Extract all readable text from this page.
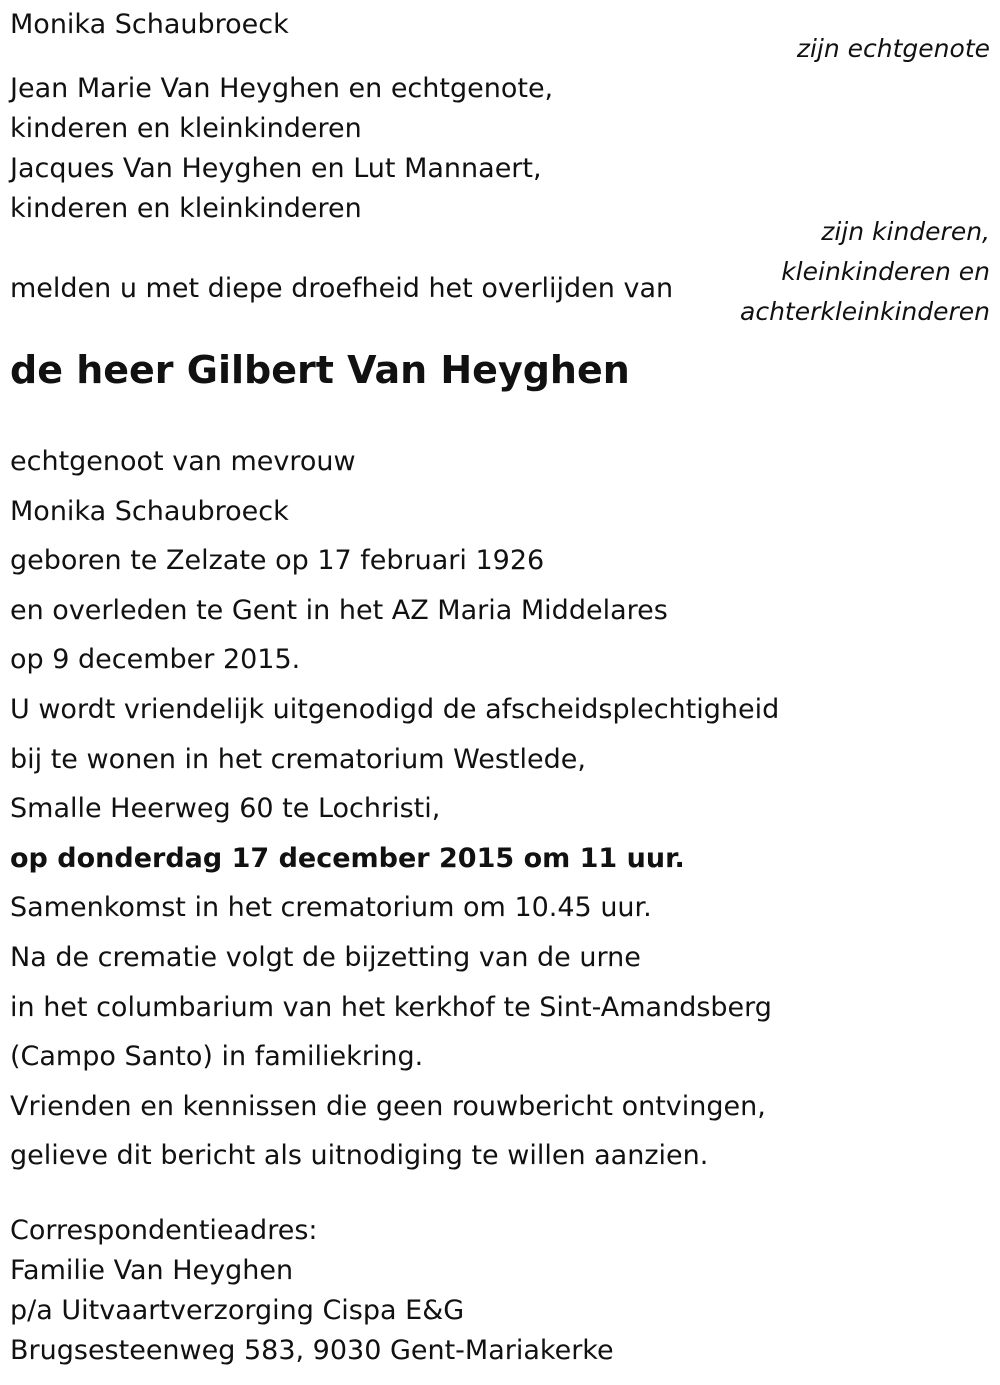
Monika Schaubroeck

zijn echtgenote

Jean Marie Van Heyghen en echtgenote,

kinderen en kleinkinderen

Jacques Van Heyghen en Lut Mannaert,

kinderen en kleinkinderen

zijn kinderen,

kleinkinderen en

achterkleinkinderen

melden u met diepe droefheid het overlijden van

de heer Gilbert Van Heyghen
echtgenoot van mevrouw
Monika Schaubroeck
geboren te Zelzate op 17 februari 1926
en overleden te Gent in het AZ Maria Middelares
op 9 december 2015.
U wordt vriendelijk uitgenodigd de afscheidsplechtigheid
bij te wonen in het crematorium Westlede,
Smalle Heerweg 60 te Lochristi,
op donderdag 17 december 2015 om 11 uur.
Samenkomst in het crematorium om 10.45 uur.
Na de crematie volgt de bijzetting van de urne
in het columbarium van het kerkhof te Sint-Amandsberg
(Campo Santo) in familiekring.
Vrienden en kennissen die geen rouwbericht ontvingen,
gelieve dit bericht als uitnodiging te willen aanzien.
Correspondentieadres:
Familie Van Heyghen
p/a Uitvaartverzorging Cispa E&G
Brugsesteenweg 583, 9030 Gent-Mariakerke
